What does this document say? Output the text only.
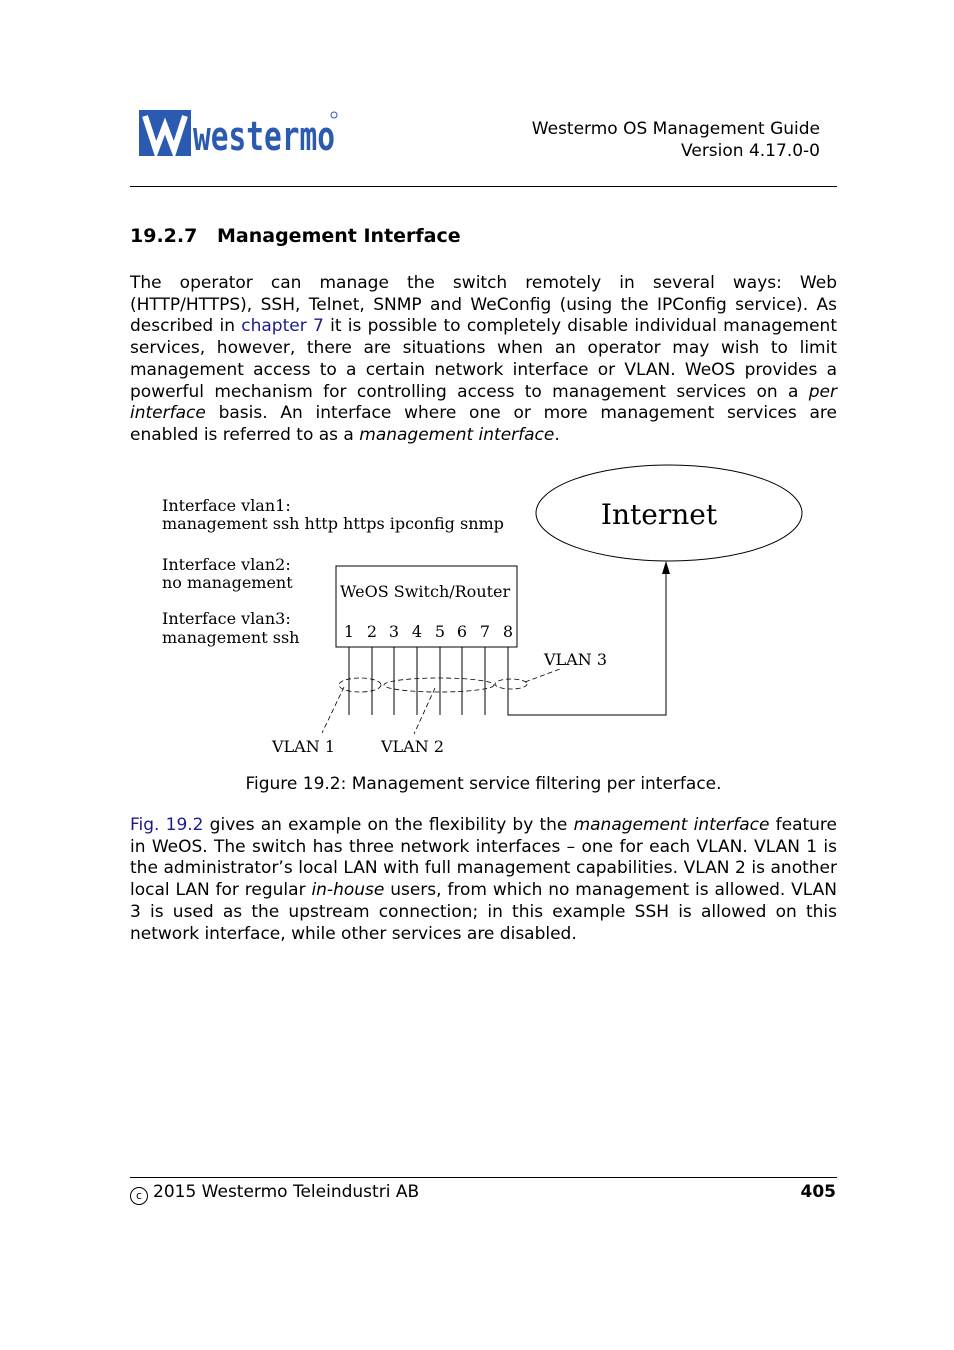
westermo	Westermo OS Management Guide
Version 4.17.0-0
19.2.7 Management Interface

The operator can manage the switch remotely in several ways: Web (HTTP/HTTPS), SSH, Telnet, SNMP and WeConfig (using the IPConfig service). As described in chapter 7 it is possible to completely disable individual management services, however, there are situations when an operator may wish to limit management access to a certain network interface or VLAN. WeOS provides a powerful mechanism for controlling access to management services on a per interface basis. An interface where one or more management services are enabled is referred to as a management interface.

Interface vlan1:
management ssh http https ipconfig snmp
Interface vlan2:
no management
Interface vlan3:
management ssh
Internet
WeOS Switch/Router
1 2 3 4 5 6 7 8
VLAN 3
VLAN 1	VLAN 2
Figure 19.2: Management service filtering per interface.

Fig. 19.2 gives an example on the flexibility by the management interface feature in WeOS. The switch has three network interfaces – one for each VLAN. VLAN 1 is the administrator’s local LAN with full management capabilities. VLAN 2 is another local LAN for regular in-house users, from which no management is allowed. VLAN 3 is used as the upstream connection; in this example SSH is allowed on this network interface, while other services are disabled.

c 2015 Westermo Teleindustri AB	405
